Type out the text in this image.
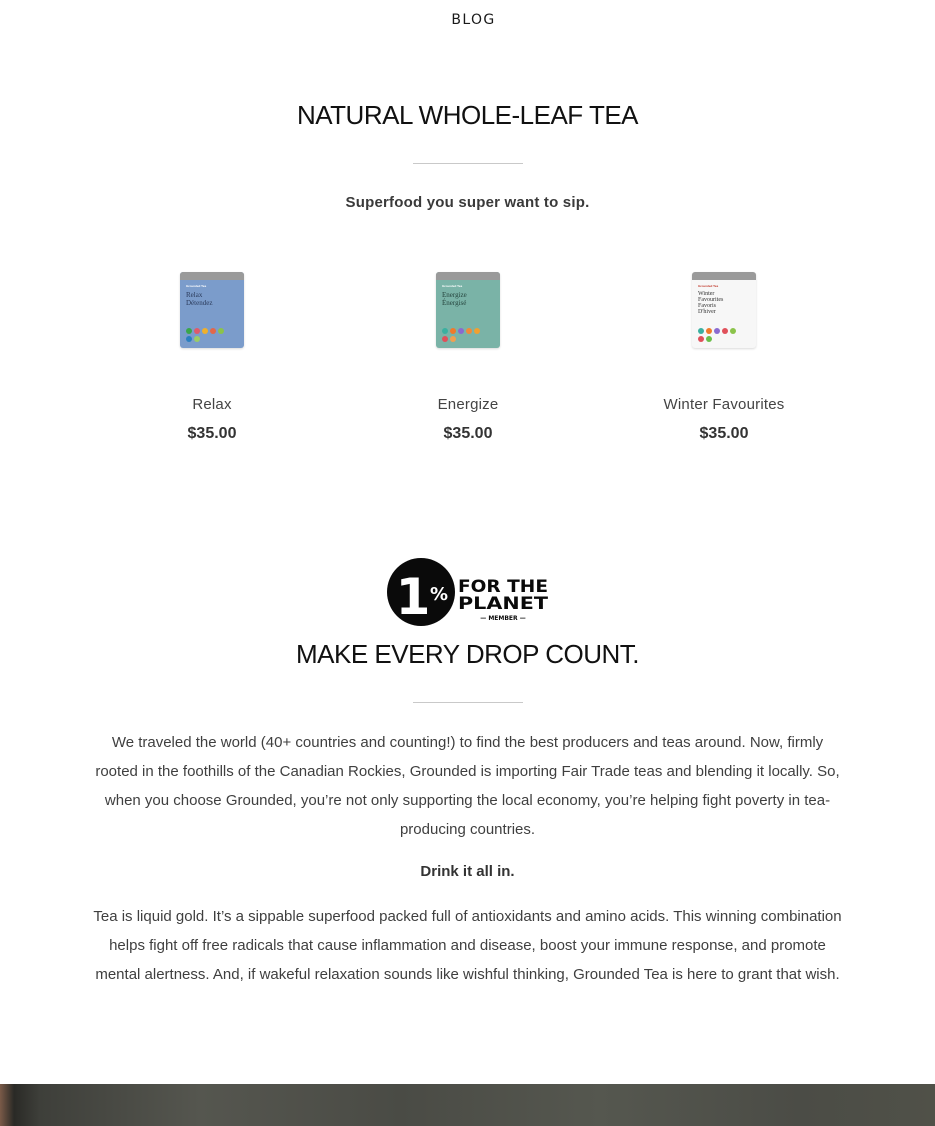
BLOG
NATURAL WHOLE-LEAF TEA
Superfood you super want to sip.
Grounded Tea
Relax
Détendez
Relax
$35.00
Grounded Tea
Energize
Énergisé
Energize
$35.00
Grounded Tea
Winter
Favourites
Favoris
D'hiver
Winter Favourites
$35.00
1 % FOR THE
PLANET
— MEMBER —
MAKE EVERY DROP COUNT.

We traveled the world (40+ countries and counting!) to find the best producers and teas around. Now, firmly rooted in the foothills of the Canadian Rockies, Grounded is importing Fair Trade teas and blending it locally. So, when you choose Grounded, you’re not only supporting the local economy, you’re helping fight poverty in tea-producing countries.

Drink it all in.

Tea is liquid gold. It’s a sippable superfood packed full of antioxidants and amino acids. This winning combination helps fight off free radicals that cause inflammation and disease, boost your immune response, and promote mental alertness. And, if wakeful relaxation sounds like wishful thinking, Grounded Tea is here to grant that wish.
